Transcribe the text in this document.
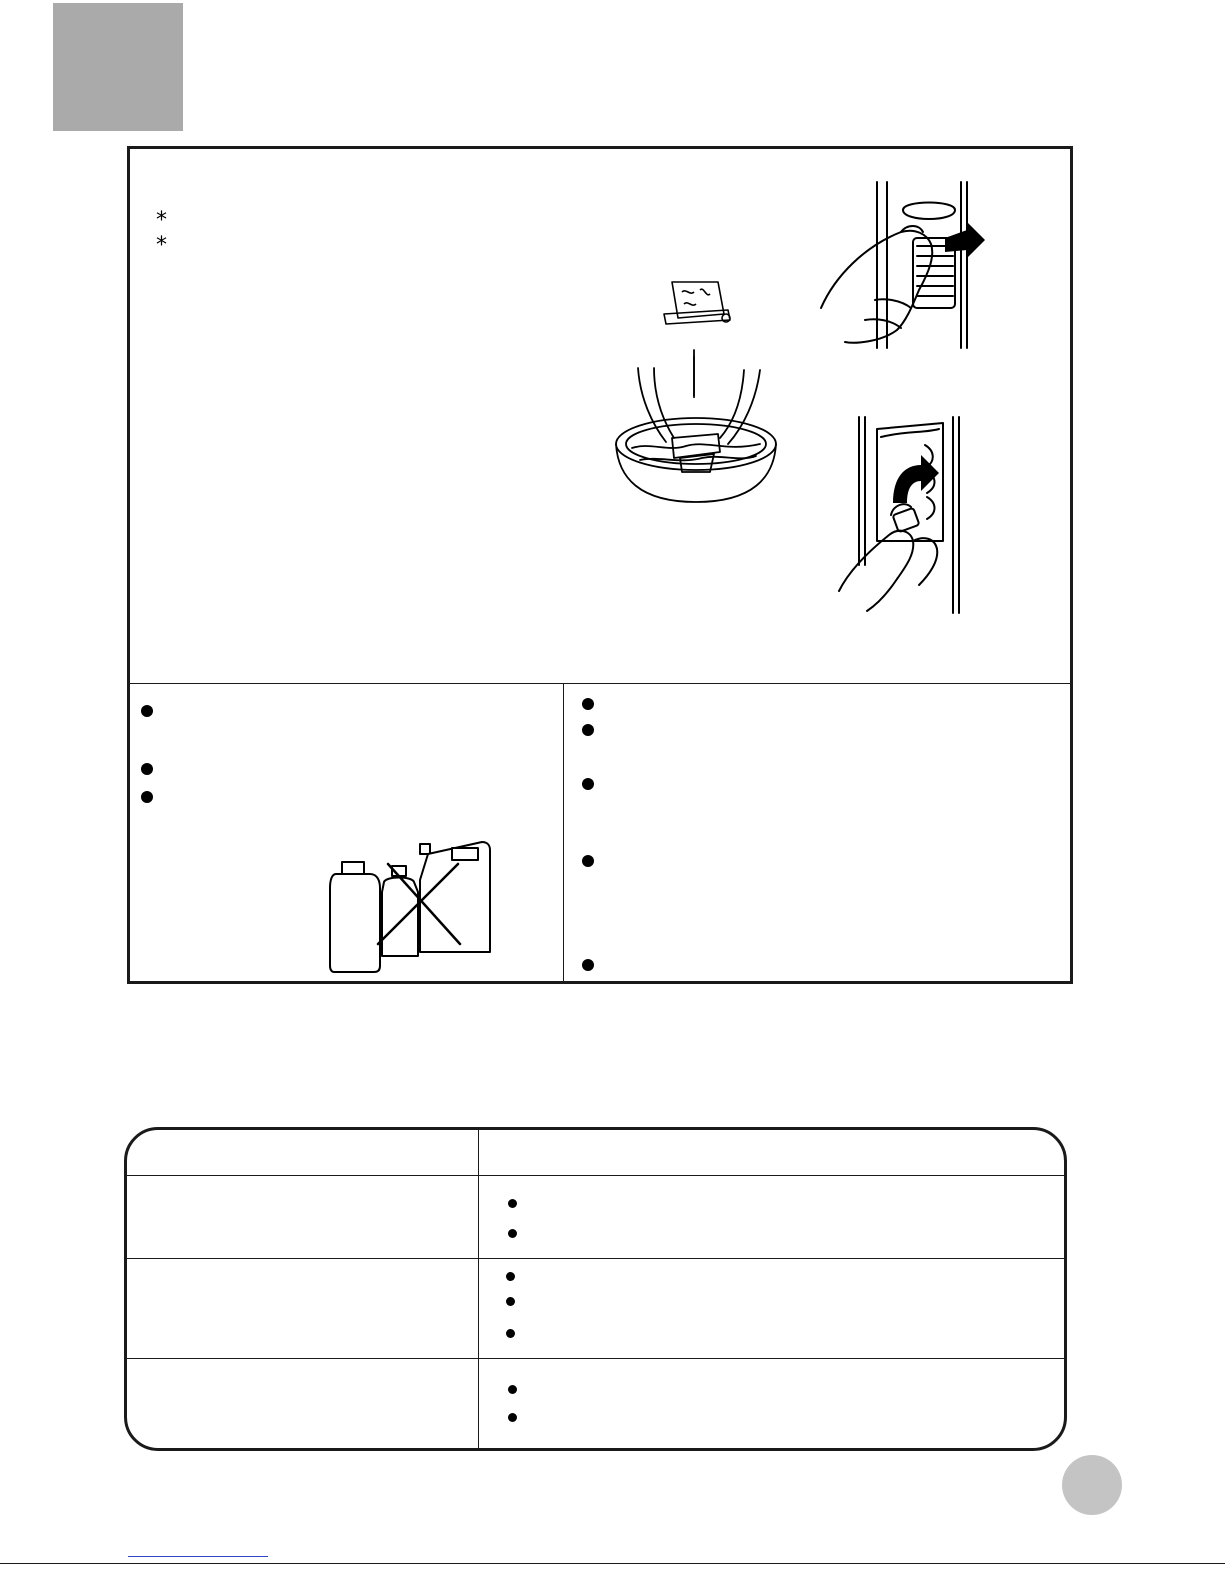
*
*
